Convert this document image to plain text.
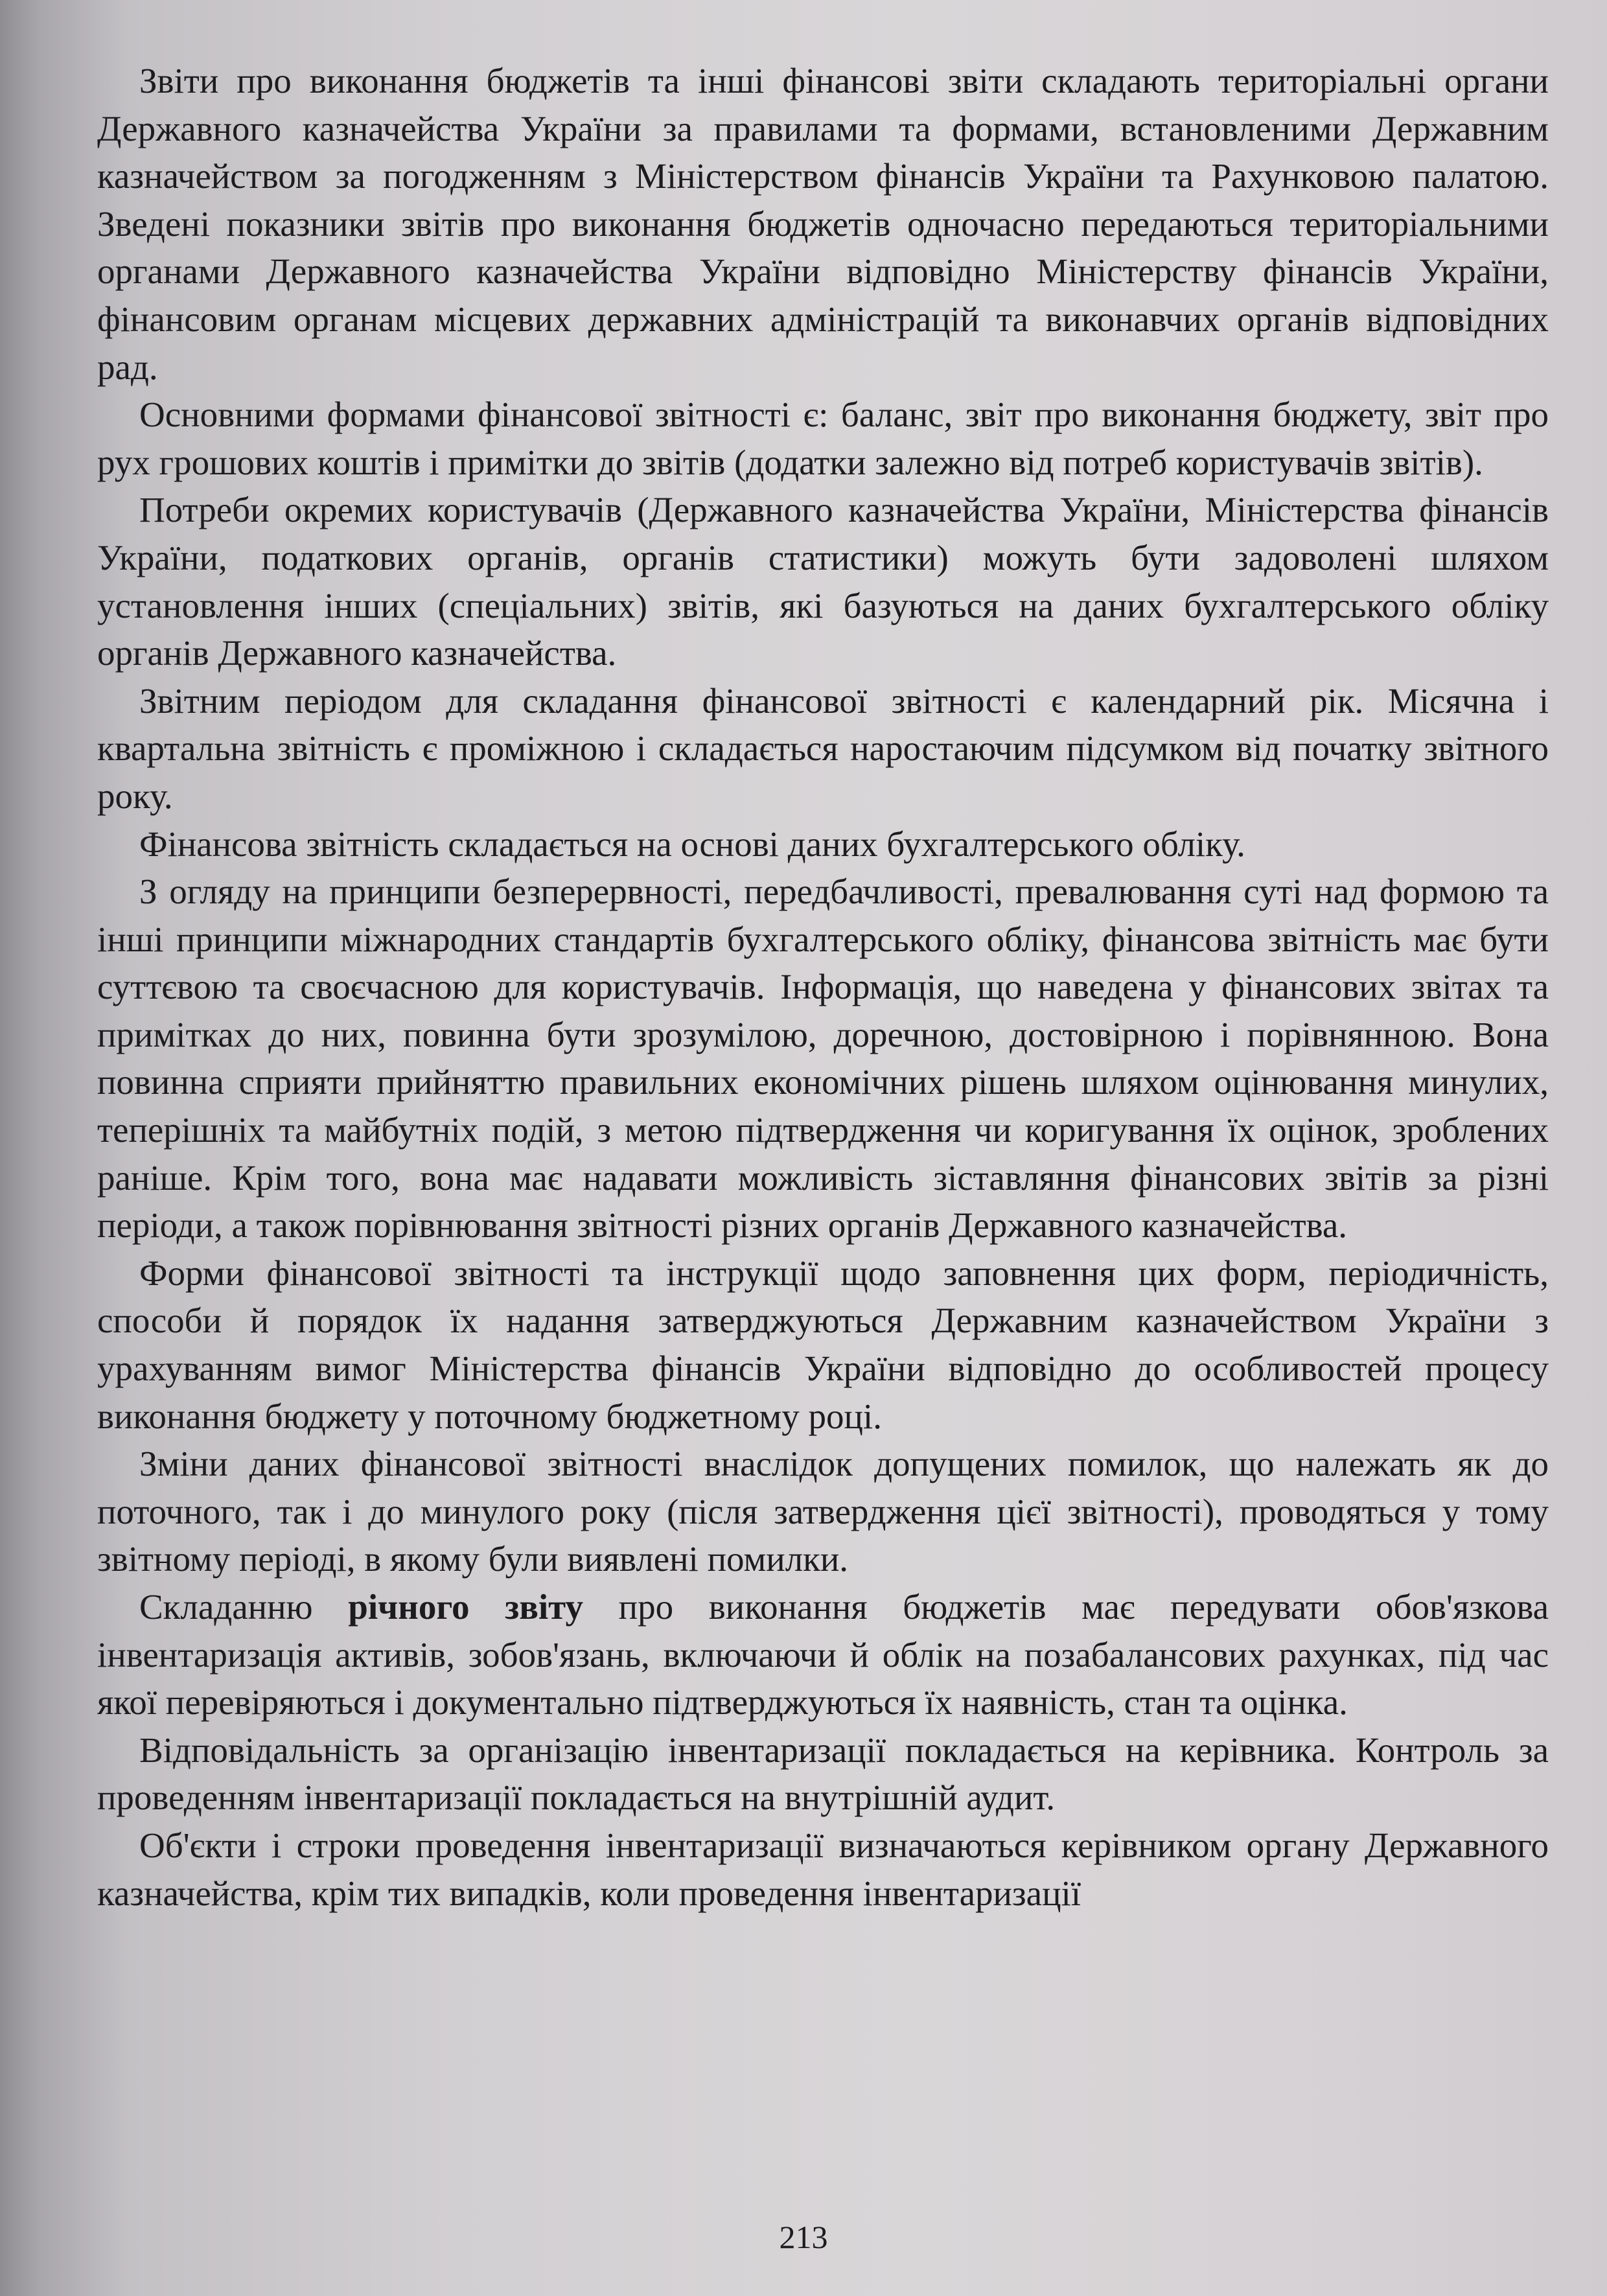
Звіти про виконання бюджетів та інші фінансові звіти складають територіальні органи Державного казначейства України за правилами та формами, встановленими Державним казначейством за погодженням з Міністерством фінансів України та Рахунковою палатою. Зведені показники звітів про виконання бюджетів одночасно передаються територіальними органами Державного казначейства України відповідно Міністерству фінансів України, фінансовим органам місцевих державних адміністрацій та виконавчих органів відповідних рад.

Основними формами фінансової звітності є: баланс, звіт про виконання бюджету, звіт про рух грошових коштів і примітки до звітів (додатки залежно від потреб користувачів звітів).

Потреби окремих користувачів (Державного казначейства України, Міністерства фінансів України, податкових органів, органів статистики) можуть бути задоволені шляхом установлення інших (спеціальних) звітів, які базуються на даних бухгалтерського обліку органів Державного казначейства.

Звітним періодом для складання фінансової звітності є календарний рік. Місячна і квартальна звітність є проміжною і складається наростаючим підсумком від початку звітного року.

Фінансова звітність складається на основі даних бухгалтерського обліку.

З огляду на принципи безперервності, передбачливості, превалювання суті над формою та інші принципи міжнародних стандартів бухгалтерського обліку, фінансова звітність має бути суттєвою та своєчасною для користувачів. Інформація, що наведена у фінансових звітах та примітках до них, повинна бути зрозумілою, доречною, достовірною і порівнянною. Вона повинна сприяти прийняттю правильних економічних рішень шляхом оцінювання минулих, теперішніх та майбутніх подій, з метою підтвердження чи коригування їх оцінок, зроблених раніше. Крім того, вона має надавати можливість зіставляння фінансових звітів за різні періоди, а також порівнювання звітності різних органів Державного казначейства.

Форми фінансової звітності та інструкції щодо заповнення цих форм, періодичність, способи й порядок їх надання затверджуються Державним казначейством України з урахуванням вимог Міністерства фінансів України відповідно до особливостей процесу виконання бюджету у поточному бюджетному році.

Зміни даних фінансової звітності внаслідок допущених помилок, що належать як до поточного, так і до минулого року (після затвердження цієї звітності), проводяться у тому звітному періоді, в якому були виявлені помилки.

Складанню річного звіту про виконання бюджетів має передувати обов'язкова інвентаризація активів, зобов'язань, включаючи й облік на позабалансових рахунках, під час якої перевіряються і документально підтверджуються їх наявність, стан та оцінка.

Відповідальність за організацію інвентаризації покладається на керівника. Контроль за проведенням інвентаризації покладається на внутрішній аудит.

Об'єкти і строки проведення інвентаризації визначаються керівником органу Державного казначейства, крім тих випадків, коли проведення інвентаризації

213
